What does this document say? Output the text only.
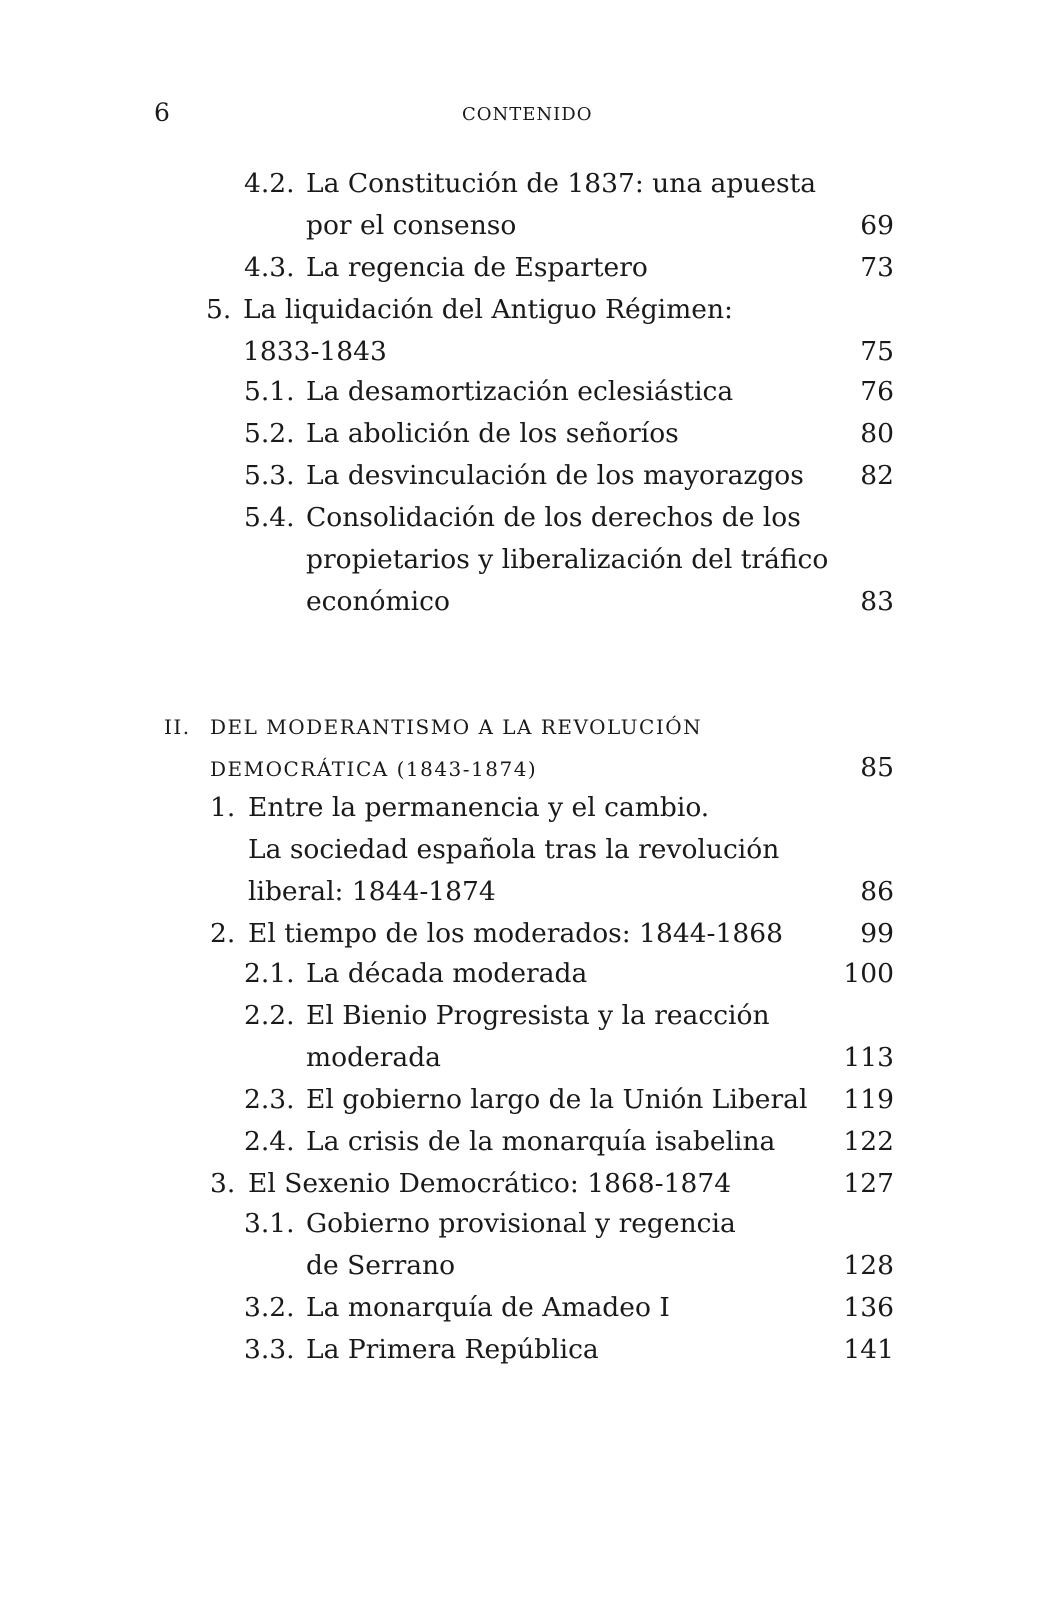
6	CONTENIDO
4.2. La Constitución de 1837: una apuesta
por el consenso	69
4.3. La regencia de Espartero	73
5. La liquidación del Antiguo Régimen:
1833-1843	75
5.1. La desamortización eclesiástica	76
5.2. La abolición de los señoríos	80
5.3. La desvinculación de los mayorazgos 82
5.4. Consolidación de los derechos de los
propietarios y liberalización del tráfico
económico	83
II. DEL MODERANTISMO A LA REVOLUCIÓN
DEMOCRÁTICA (1843-1874)	85
1. Entre la permanencia y el cambio.
La sociedad española tras la revolución
liberal: 1844-1874	86
2. El tiempo de los moderados: 1844-1868	99
2.1. La década moderada	100
2.2. El Bienio Progresista y la reacción
moderada	113
2.3. El gobierno largo de la Unión Liberal 119
2.4. La crisis de la monarquía isabelina	122
3. El Sexenio Democrático: 1868-1874	127
3.1. Gobierno provisional y regencia
de Serrano	128
3.2. La monarquía de Amadeo I	136
3.3. La Primera República	141
